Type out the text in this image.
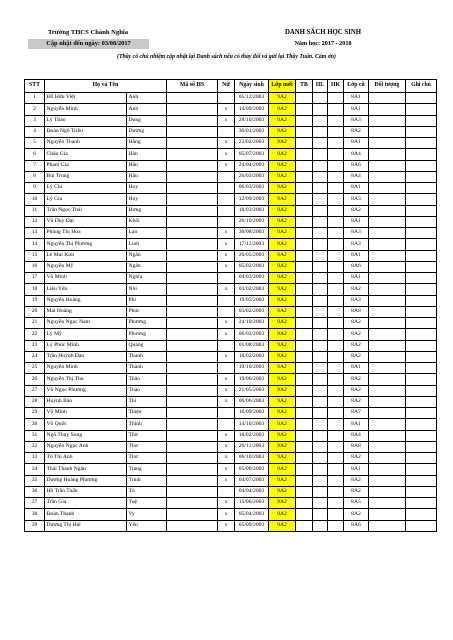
Trường THCS Chánh Nghĩa
Cập nhật đến ngày: 03/08/2017
DANH SÁCH HỌC SINH
Năm học: 2017 - 2018
(Thầy cô chủ nhiệm cập nhật lại Danh sách nếu có thay đổi và gửi lại Thầy Tuấn. Cám ơn)
STT	Họ và Tên		Mã số HS	Nữ	Ngày sinh	Lớp mới	TB	HL	HK	Lớp cũ	Đối tượng	Ghi chú
1	Đỗ Hữu Việt	Anh			05/12/2003	9A2				8A1		
2	Nguyễn Minh	Anh		x	14/09/2003	9A2				8A1		
3	Lý Thảo	Dung		x	28/10/2003	9A2				8A3		
4	Đoàn Ngô Triều	Dương			30/01/2003	9A2				8A2		
5	Nguyễn Thanh	Hằng		x	23/02/2003	9A2				8A1		
6	Châu Gia	Hân		x	05/07/2003	9A2				8A4		
7	Phạm Gia	Hân		x	24/04/2003	9A2				8A6		
8	Bùi Trung	Hậu			26/03/2003	9A2				8A4		
9	Lý Chí	Huy			06/03/2003	9A2				8A1		
10	Lý Gia	Huy			12/09/2003	9A2				8A3		
11	Trần Ngọc Thái	Hưng			18/03/2003	9A2				8A2		
12	Vũ Duy Đại	Khôi			26/10/2003	9A2				8A1		
13	Phùng Thị Hoa	Lan		x	30/08/2003	9A2				8A3		
14	Nguyễn Thị Phương	Linh		x	17/11/2003	9A2				8A3		
15	Lê Mai Kim	Ngân		x	20/05/2003	9A2				8A1		
16	Nguyễn Mỹ	Ngân		x	05/02/2003	9A2				8A6		
17	Võ Minh	Nghĩa			04/03/2003	9A2				8A1		
18	Liêu Yến	Nhi		x	03/02/2003	9A2				8A2		
19	Nguyễn Hoàng	Phi			19/05/2003	9A2				8A3		
20	Mai Hoàng	Phúc			03/02/2003	9A2				8A8		
21	Nguyễn Ngọc Nam	Phương		x	24/10/2003	9A2				8A2		
22	Lý Mỹ	Phương		x	06/03/2003	9A2				8A2		
23	Lý Phúc Minh	Quang			01/08/2003	9A2				8A2		
24	Trần Huỳnh Đan	Thanh		x	18/02/2003	9A2				8A2		
25	Nguyễn Minh	Thành			19/10/2003	9A2				8A1		
26	Nguyễn Thị Thu	Thảo		x	19/06/2003	9A2				8A2		
27	Võ Ngọc Phương	Thảo		x	21/05/2003	9A2				8A2		
28	Huỳnh Bảo	Thi		x	06/06/2003	9A2				8A2		
29	Võ Minh	Thiện			16/09/2003	9A2				8A7		
30	Võ Quốc	Thịnh			14/10/2003	9A2				8A1		
31	Ngô Thụy Song	Thư		x	18/02/2003	9A2				8A4		
32	Nguyễn Ngọc Anh	Thư		x	20/11/2003	9A2				8A8		
33	Tô Thị Anh	Thư		x	06/10/2003	9A2				8A2		
34	Thái Thanh Ngân	Trang		x	05/06/2003	9A2				8A1		
35	Dương Hoàng Phương	Trinh		x	04/07/2003	9A2				8A2		
36	Hồ Trần Tuấn	Tú			04/04/2003	9A2				8A2		
37	Trần Gia	Tuệ		x	15/06/2003	9A2				8A5		
38	Đoàn Thanh	Vy		x	05/04/2003	9A2				8A2		
39	Dương Thị Hải	Yến		x	05/09/2003	9A2				8A6		
